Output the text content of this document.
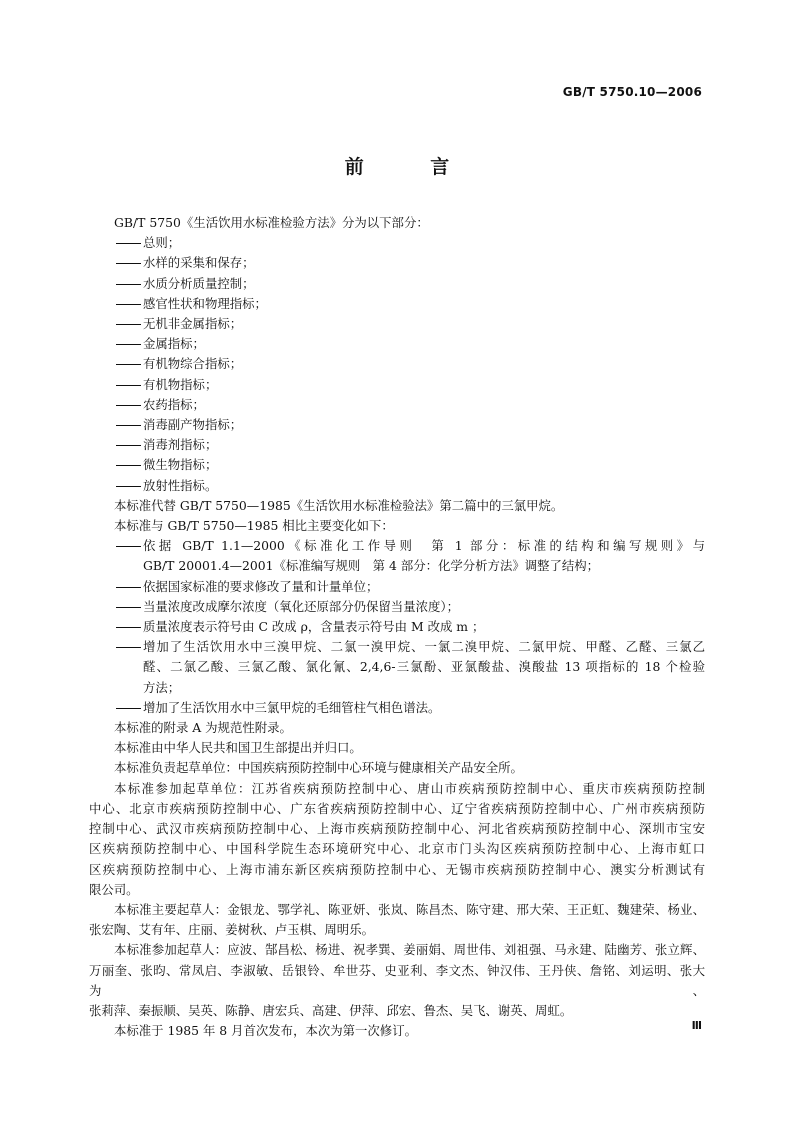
GB/T 5750.10—2006
前 言

GB/T 5750《生活饮用水标准检验方法》分为以下部分：

总则；

水样的采集和保存；

水质分析质量控制；

感官性状和物理指标；

无机非金属指标；

金属指标；

有机物综合指标；

有机物指标；

农药指标；

消毒副产物指标；

消毒剂指标；

微生物指标；

放射性指标。

本标准代替 GB/T 5750—1985《生活饮用水标准检验法》第二篇中的三氯甲烷。

本标准与 GB/T 5750—1985 相比主要变化如下：

依据 GB/T 1.1—2000《标准化工作导则　第 1 部分：标准的结构和编写规则》与

GB/T 20001.4—2001《标准编写规则　第 4 部分：化学分析方法》调整了结构；

依据国家标准的要求修改了量和计量单位；

当量浓度改成摩尔浓度（氧化还原部分仍保留当量浓度）；

质量浓度表示符号由 C 改成 ρ，含量表示符号由 M 改成 m ；

增加了生活饮用水中三溴甲烷、二氯一溴甲烷、一氯二溴甲烷、二氯甲烷、甲醛、乙醛、三氯乙

醛、二氯乙酸、三氯乙酸、氯化氰、2,4,6-三氯酚、亚氯酸盐、溴酸盐 13 项指标的 18 个检验

方法；

增加了生活饮用水中三氯甲烷的毛细管柱气相色谱法。

本标准的附录 A 为规范性附录。

本标准由中华人民共和国卫生部提出并归口。

本标准负责起草单位：中国疾病预防控制中心环境与健康相关产品安全所。

本标准参加起草单位：江苏省疾病预防控制中心、唐山市疾病预防控制中心、重庆市疾病预防控制

中心、北京市疾病预防控制中心、广东省疾病预防控制中心、辽宁省疾病预防控制中心、广州市疾病预防

控制中心、武汉市疾病预防控制中心、上海市疾病预防控制中心、河北省疾病预防控制中心、深圳市宝安

区疾病预防控制中心、中国科学院生态环境研究中心、北京市门头沟区疾病预防控制中心、上海市虹口

区疾病预防控制中心、上海市浦东新区疾病预防控制中心、无锡市疾病预防控制中心、澳实分析测试有

限公司。

本标准主要起草人：金银龙、鄂学礼、陈亚妍、张岚、陈昌杰、陈守建、邢大荣、王正虹、魏建荣、杨业、

张宏陶、艾有年、庄丽、姜树秋、卢玉棋、周明乐。

本标准参加起草人：应波、郜昌松、杨进、祝孝巽、姜丽娟、周世伟、刘祖强、马永建、陆幽芳、张立辉、

万丽奎、张昀、常凤启、李淑敏、岳银铃、牟世芬、史亚利、李文杰、钟汉伟、王丹侠、詹铭、刘运明、张大为、

张莉萍、秦振顺、吴英、陈静、唐宏兵、高建、伊萍、邱宏、鲁杰、吴飞、谢英、周虹。

本标准于 1985 年 8 月首次发布，本次为第一次修订。	Ⅲ
